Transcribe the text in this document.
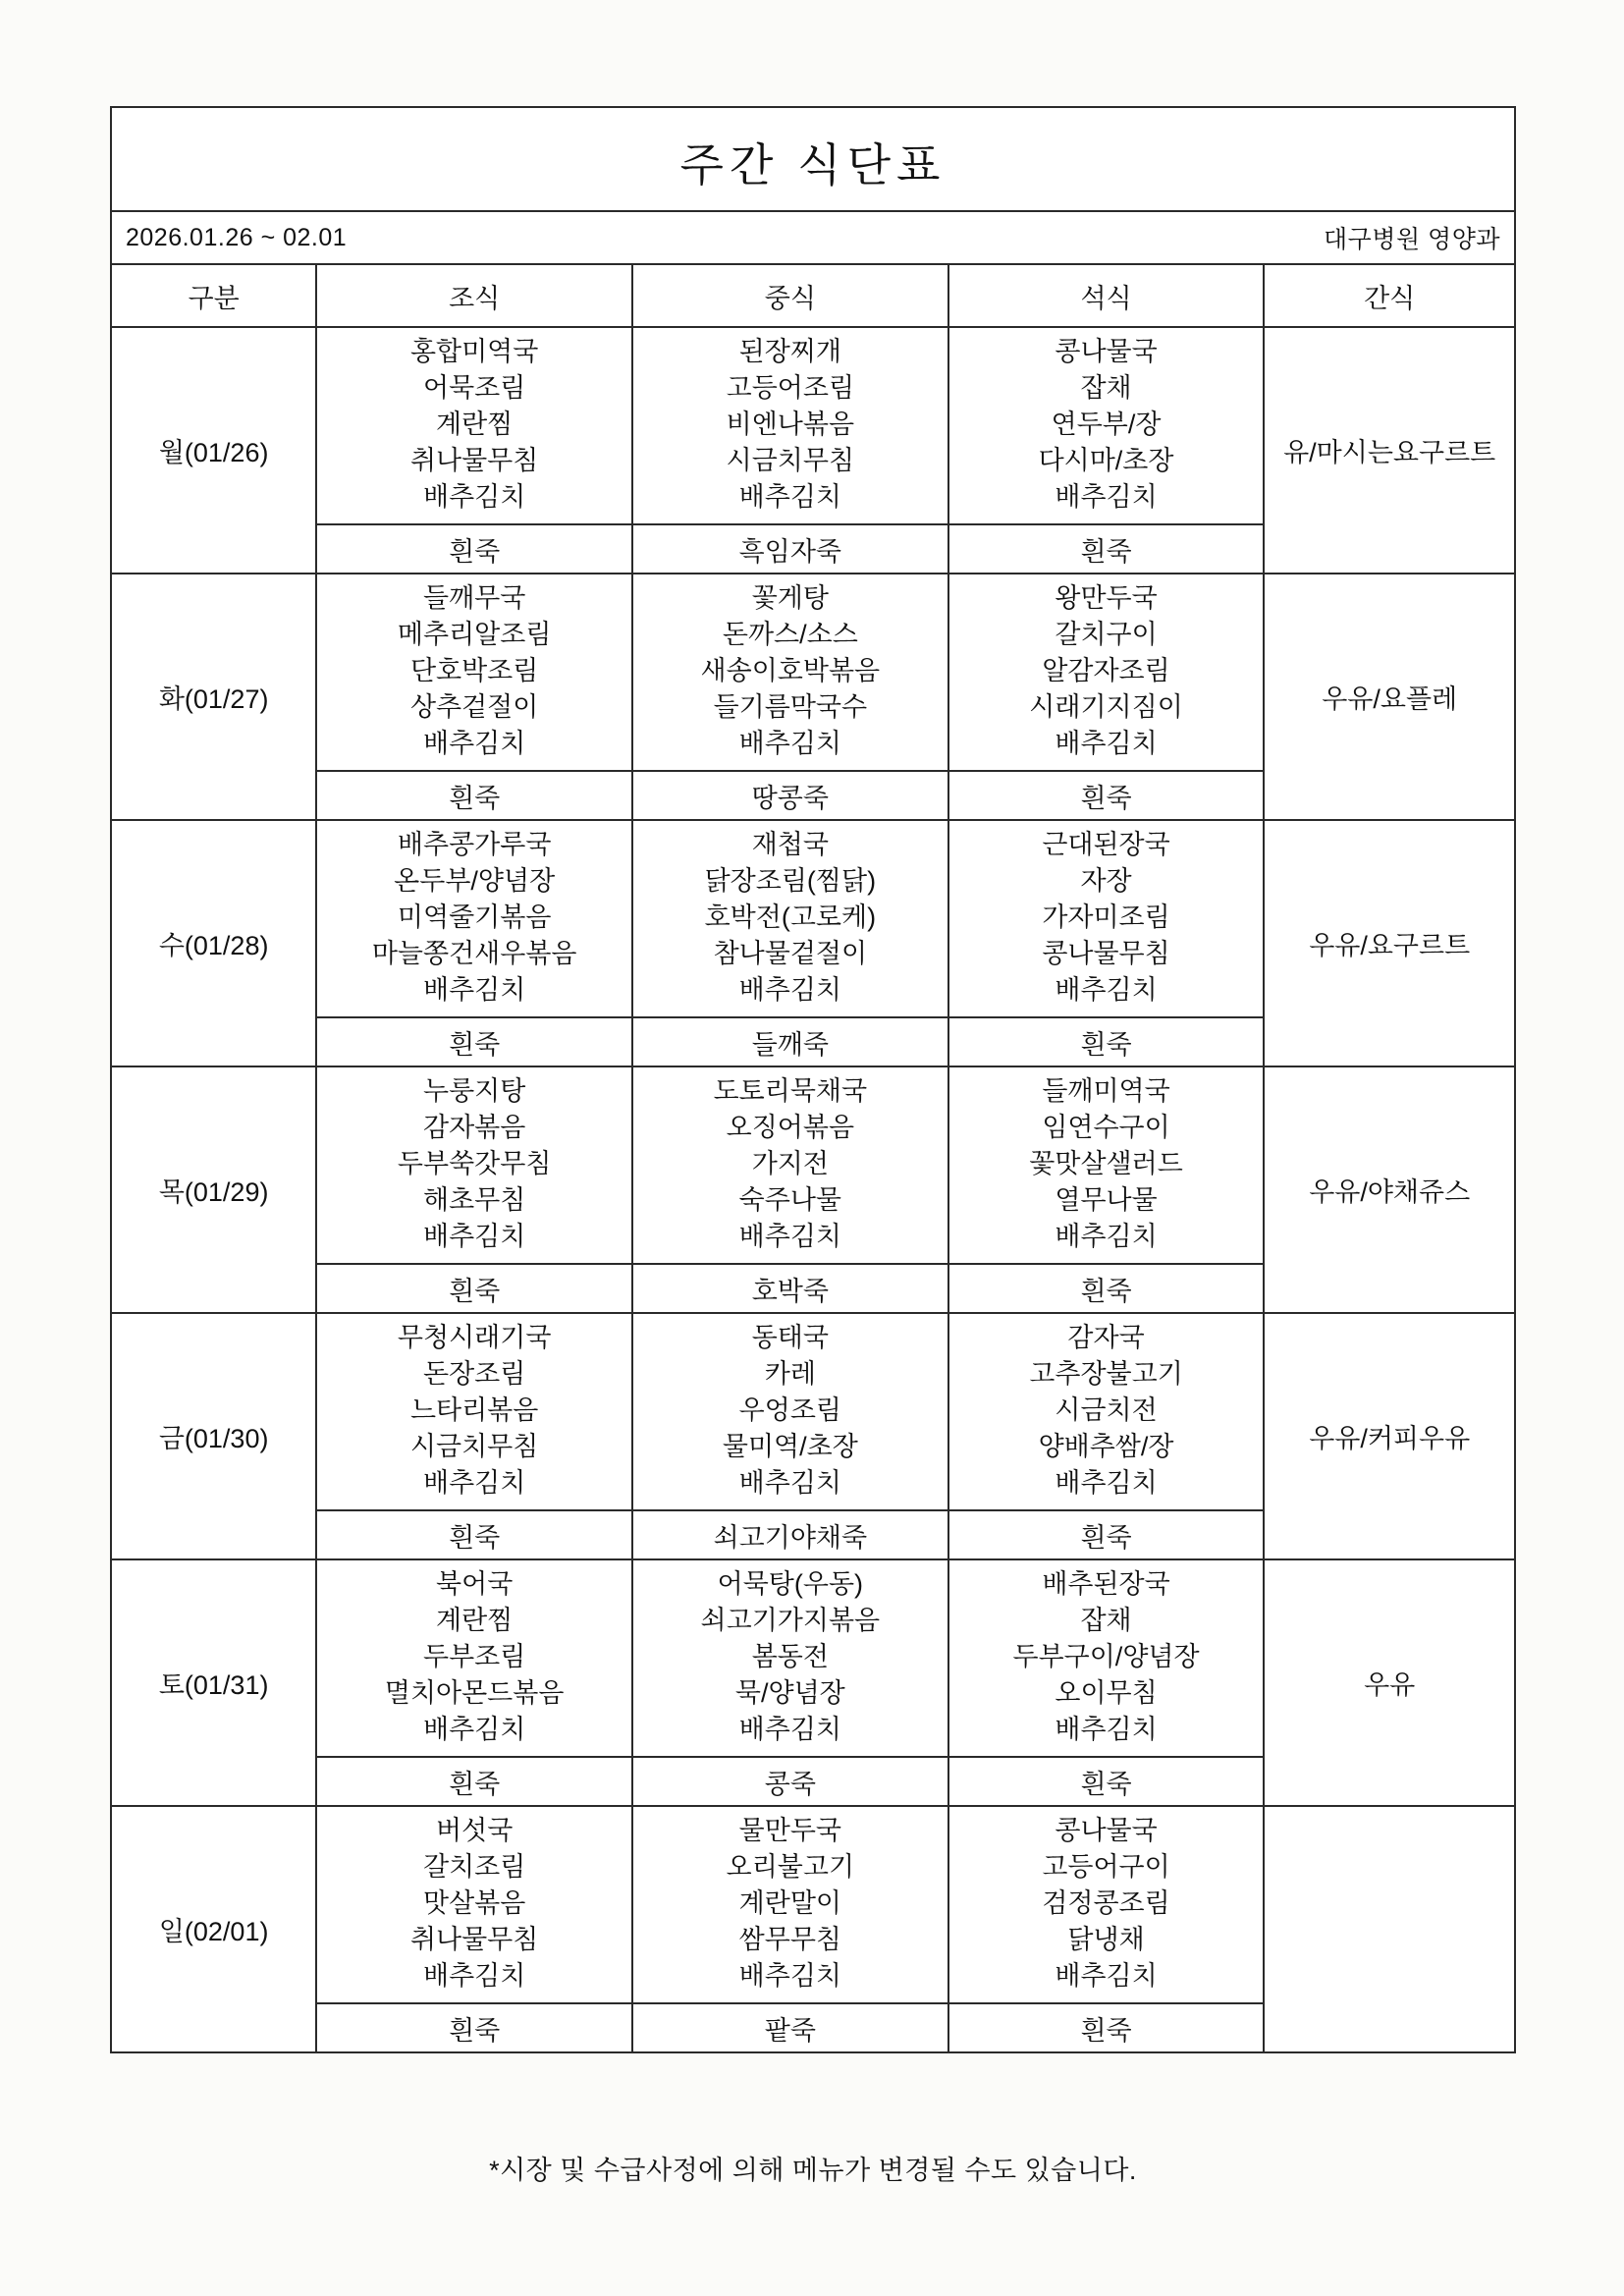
주간 식단표				

2026.01.26 ~ 02.01 대구병원 영양과				

구분	조식	중식	석식	간식
월(01/26)	홍합미역국
어묵조림
계란찜
취나물무침
배추김치	된장찌개
고등어조림
비엔나볶음
시금치무침
배추김치	콩나물국
잡채
연두부/장
다시마/초장
배추김치	유/마시는요구르트
	흰죽	흑임자죽	흰죽	
화(01/27)	들깨무국
메추리알조림
단호박조림
상추겉절이
배추김치	꽃게탕
돈까스/소스
새송이호박볶음
들기름막국수
배추김치	왕만두국
갈치구이
알감자조림
시래기지짐이
배추김치	우유/요플레
	흰죽	땅콩죽	흰죽	
수(01/28)	배추콩가루국
온두부/양념장
미역줄기볶음
마늘쫑건새우볶음
배추김치	재첩국
닭장조림(찜닭)
호박전(고로케)
참나물겉절이
배추김치	근대된장국
자장
가자미조림
콩나물무침
배추김치	우유/요구르트
	흰죽	들깨죽	흰죽	
목(01/29)	누룽지탕
감자볶음
두부쑥갓무침
해초무침
배추김치	도토리묵채국
오징어볶음
가지전
숙주나물
배추김치	들깨미역국
임연수구이
꽃맛살샐러드
열무나물
배추김치	우유/야채쥬스
	흰죽	호박죽	흰죽	
금(01/30)	무청시래기국
돈장조림
느타리볶음
시금치무침
배추김치	동태국
카레
우엉조림
물미역/초장
배추김치	감자국
고추장불고기
시금치전
양배추쌈/장
배추김치	우유/커피우유
	흰죽	쇠고기야채죽	흰죽	
토(01/31)	북어국
계란찜
두부조림
멸치아몬드볶음
배추김치	어묵탕(우동)
쇠고기가지볶음
봄동전
묵/양념장
배추김치	배추된장국
잡채
두부구이/양념장
오이무침
배추김치	우유
	흰죽	콩죽	흰죽	
일(02/01)	버섯국
갈치조림
맛살볶음
취나물무침
배추김치	물만두국
오리불고기
계란말이
쌈무무침
배추김치	콩나물국
고등어구이
검정콩조림
닭냉채
배추김치	

	흰죽	팥죽	흰죽	
*시장 및 수급사정에 의해 메뉴가 변경될 수도 있습니다.
